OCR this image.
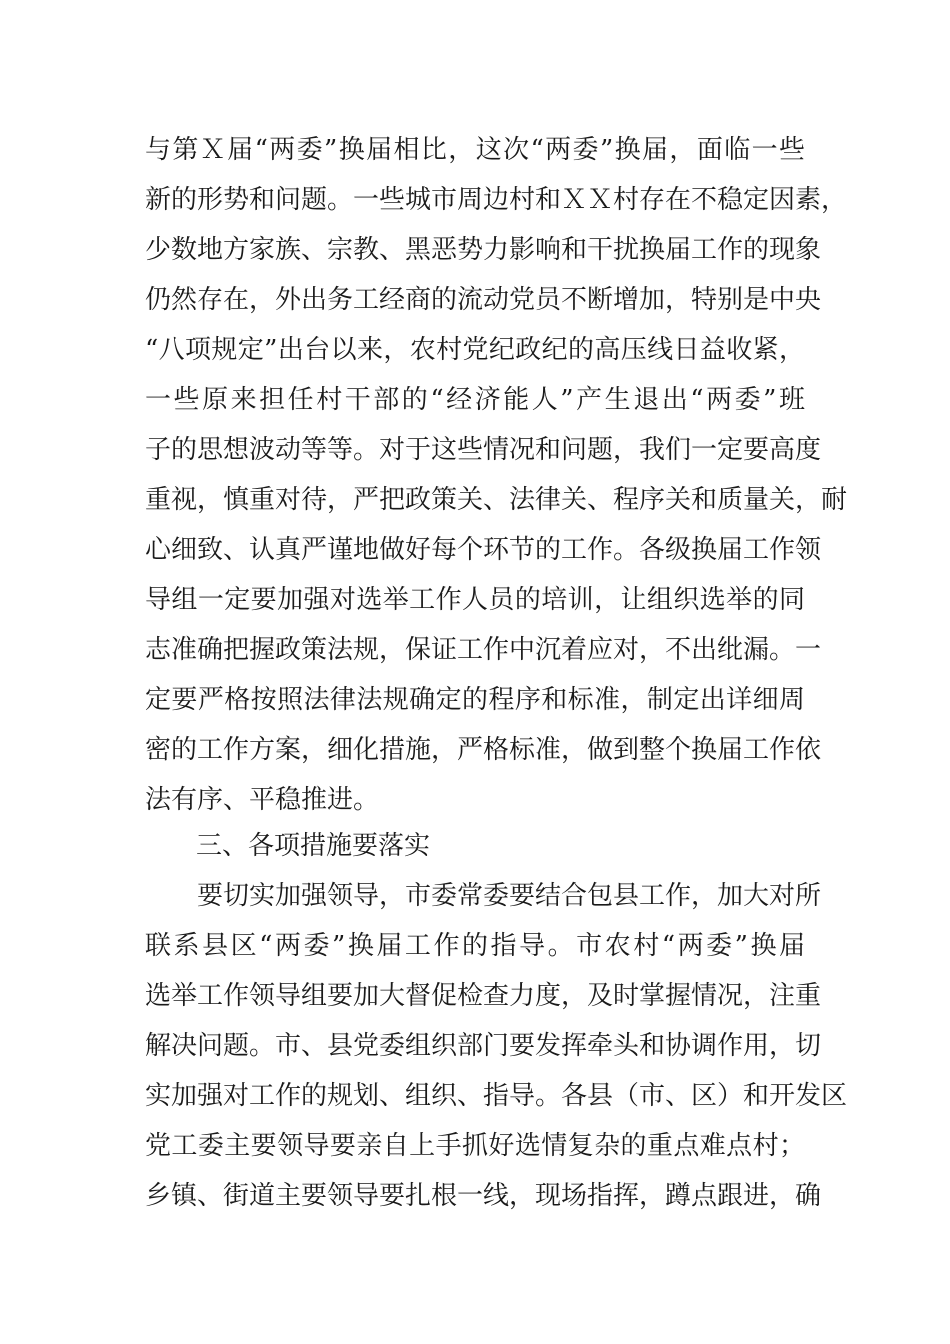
与第Ｘ届“两委”换届相比，这次“两委”换届，面临一些
新的形势和问题。一些城市周边村和ＸＸ村存在不稳定因素，
少数地方家族、宗教、黑恶势力影响和干扰换届工作的现象
仍然存在，外出务工经商的流动党员不断增加，特别是中央
“八项规定”出台以来，农村党纪政纪的高压线日益收紧，
一些原来担任村干部的“经济能人”产生退出“两委”班
子的思想波动等等。对于这些情况和问题，我们一定要高度
重视，慎重对待，严把政策关、法律关、程序关和质量关，耐
心细致、认真严谨地做好每个环节的工作。各级换届工作领
导组一定要加强对选举工作人员的培训，让组织选举的同
志准确把握政策法规，保证工作中沉着应对，不出纰漏。一
定要严格按照法律法规确定的程序和标准，制定出详细周
密的工作方案，细化措施，严格标准，做到整个换届工作依
法有序、平稳推进。
三、各项措施要落实
要切实加强领导，市委常委要结合包县工作，加大对所
联系县区“两委”换届工作的指导。市农村“两委”换届
选举工作领导组要加大督促检查力度，及时掌握情况，注重
解决问题。市、县党委组织部门要发挥牵头和协调作用，切
实加强对工作的规划、组织、指导。各县（市、区）和开发区
党工委主要领导要亲自上手抓好选情复杂的重点难点村；
乡镇、街道主要领导要扎根一线，现场指挥，蹲点跟进，确
